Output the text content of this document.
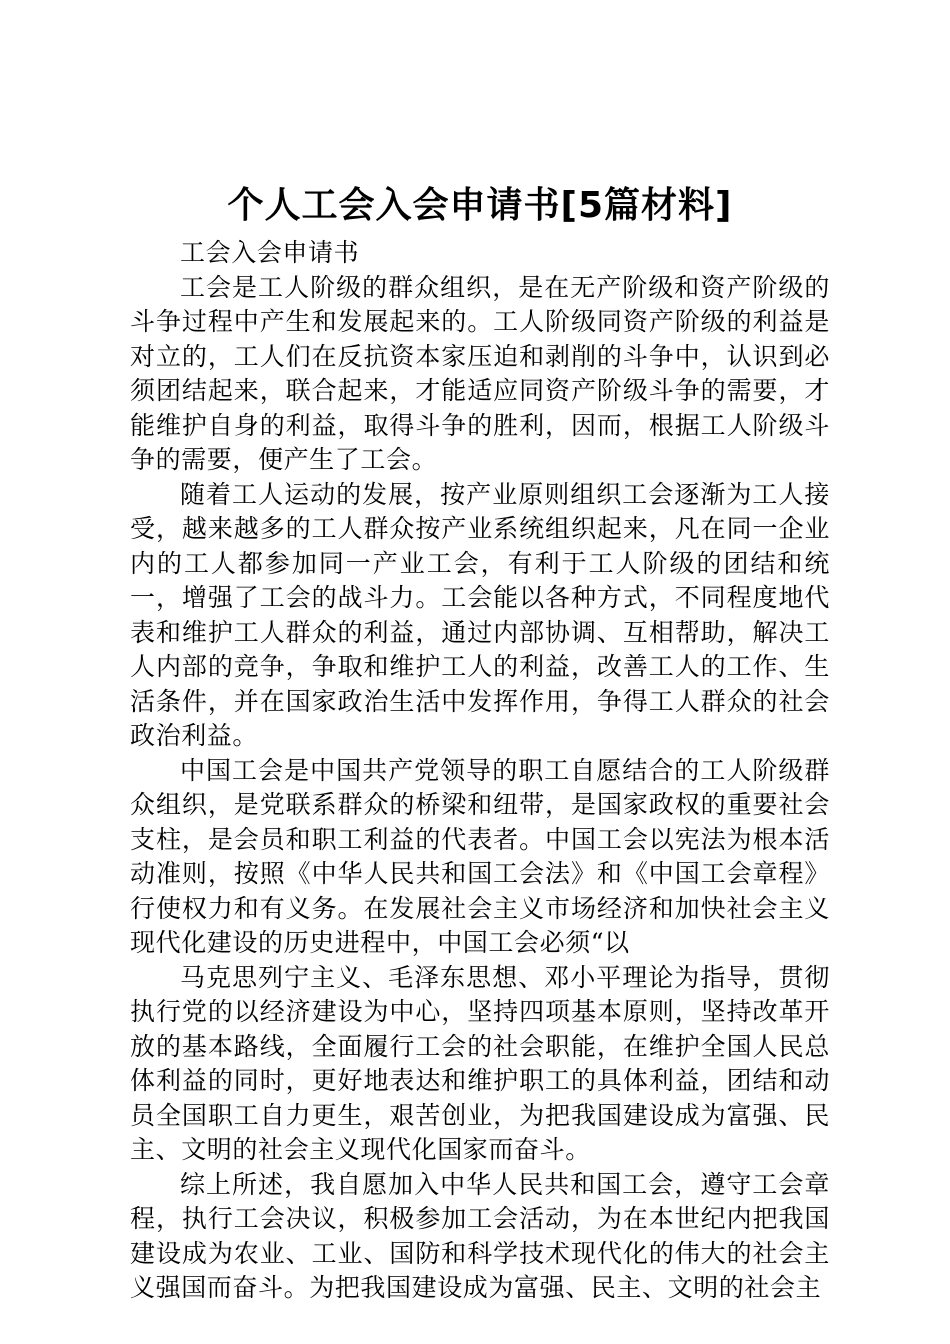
个人工会入会申请书[5篇材料]

工会入会申请书

工会是工人阶级的群众组织，是在无产阶级和资产阶级的斗争过程中产生和发展起来的。工人阶级同资产阶级的利益是对立的，工人们在反抗资本家压迫和剥削的斗争中，认识到必须团结起来，联合起来，才能适应同资产阶级斗争的需要，才能维护自身的利益，取得斗争的胜利，因而，根据工人阶级斗争的需要，便产生了工会。

随着工人运动的发展，按产业原则组织工会逐渐为工人接受，越来越多的工人群众按产业系统组织起来，凡在同一企业内的工人都参加同一产业工会，有利于工人阶级的团结和统一，增强了工会的战斗力。工会能以各种方式，不同程度地代表和维护工人群众的利益，通过内部协调、互相帮助，解决工人内部的竞争，争取和维护工人的利益，改善工人的工作、生活条件，并在国家政治生活中发挥作用，争得工人群众的社会政治利益。

中国工会是中国共产党领导的职工自愿结合的工人阶级群众组织，是党联系群众的桥梁和纽带，是国家政权的重要社会支柱，是会员和职工利益的代表者。中国工会以宪法为根本活动准则，按照《中华人民共和国工会法》和《中国工会章程》行使权力和有义务。在发展社会主义市场经济和加快社会主义现代化建设的历史进程中，中国工会必须“以

马克思列宁主义、毛泽东思想、邓小平理论为指导，贯彻执行党的以经济建设为中心，坚持四项基本原则，坚持改革开放的基本路线，全面履行工会的社会职能，在维护全国人民总体利益的同时，更好地表达和维护职工的具体利益，团结和动员全国职工自力更生，艰苦创业，为把我国建设成为富强、民主、文明的社会主义现代化国家而奋斗。

综上所述，我自愿加入中华人民共和国工会，遵守工会章程，执行工会决议，积极参加工会活动，为在本世纪内把我国建设成为农业、工业、国防和科学技术现代化的伟大的社会主义强国而奋斗。为把我国建设成为富强、民主、文明的社会主
